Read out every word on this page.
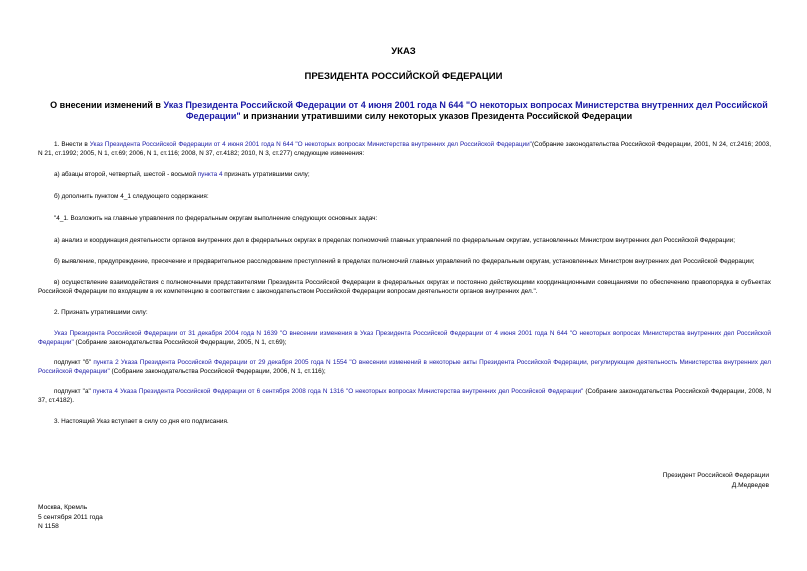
УКАЗ
ПРЕЗИДЕНТА РОССИЙСКОЙ ФЕДЕРАЦИИ
О внесении изменений в Указ Президента Российской Федерации от 4 июня 2001 года N 644 "О некоторых вопросах Министерства внутренних дел Российской Федерации" и признании утратившими силу некоторых указов Президента Российской Федерации

1. Внести в Указ Президента Российской Федерации от 4 июня 2001 года N 644 "О некоторых вопросах Министерства внутренних дел Российской Федерации"(Собрание законодательства Российской Федерации, 2001, N 24, ст.2416; 2003, N 21, ст.1992; 2005, N 1, ст.69; 2006, N 1, ст.116; 2008, N 37, ст.4182; 2010, N 3, ст.277) следующие изменения:

а) абзацы второй, четвертый, шестой - восьмой пункта 4 признать утратившими силу;

б) дополнить пунктом 4_1 следующего содержания:

"4_1. Возложить на главные управления по федеральным округам выполнение следующих основных задач:

а) анализ и координация деятельности органов внутренних дел в федеральных округах в пределах полномочий главных управлений по федеральным округам, установленных Министром внутренних дел Российской Федерации;

б) выявление, предупреждение, пресечение и предварительное расследование преступлений в пределах полномочий главных управлений по федеральным округам, установленных Министром внутренних дел Российской Федерации;

в) осуществление взаимодействия с полномочными представителями Президента Российской Федерации в федеральных округах и постоянно действующими координационными совещаниями по обеспечению правопорядка в субъектах Российской Федерации по входящим в их компетенцию в соответствии с законодательством Российской Федерации вопросам деятельности органов внутренних дел.".

2. Признать утратившими силу:

Указ Президента Российской Федерации от 31 декабря 2004 года N 1639 "О внесении изменения в Указ Президента Российской Федерации от 4 июня 2001 года N 644 "О некоторых вопросах Министерства внутренних дел Российской Федерации" (Собрание законодательства Российской Федерации, 2005, N 1, ст.69);

подпункт "б" пункта 2 Указа Президента Российской Федерации от 29 декабря 2005 года N 1554 "О внесении изменений в некоторые акты Президента Российской Федерации, регулирующие деятельность Министерства внутренних дел Российской Федерации" (Собрание законодательства Российской Федерации, 2006, N 1, ст.116);

подпункт "а" пункта 4 Указа Президента Российской Федерации от 6 сентября 2008 года N 1316 "О некоторых вопросах Министерства внутренних дел Российской Федерации" (Собрание законодательства Российской Федерации, 2008, N 37, ст.4182).

3. Настоящий Указ вступает в силу со дня его подписания.

Президент Российской Федерации
Д.Медведев
Москва, Кремль
5 сентября 2011 года
N 1158
